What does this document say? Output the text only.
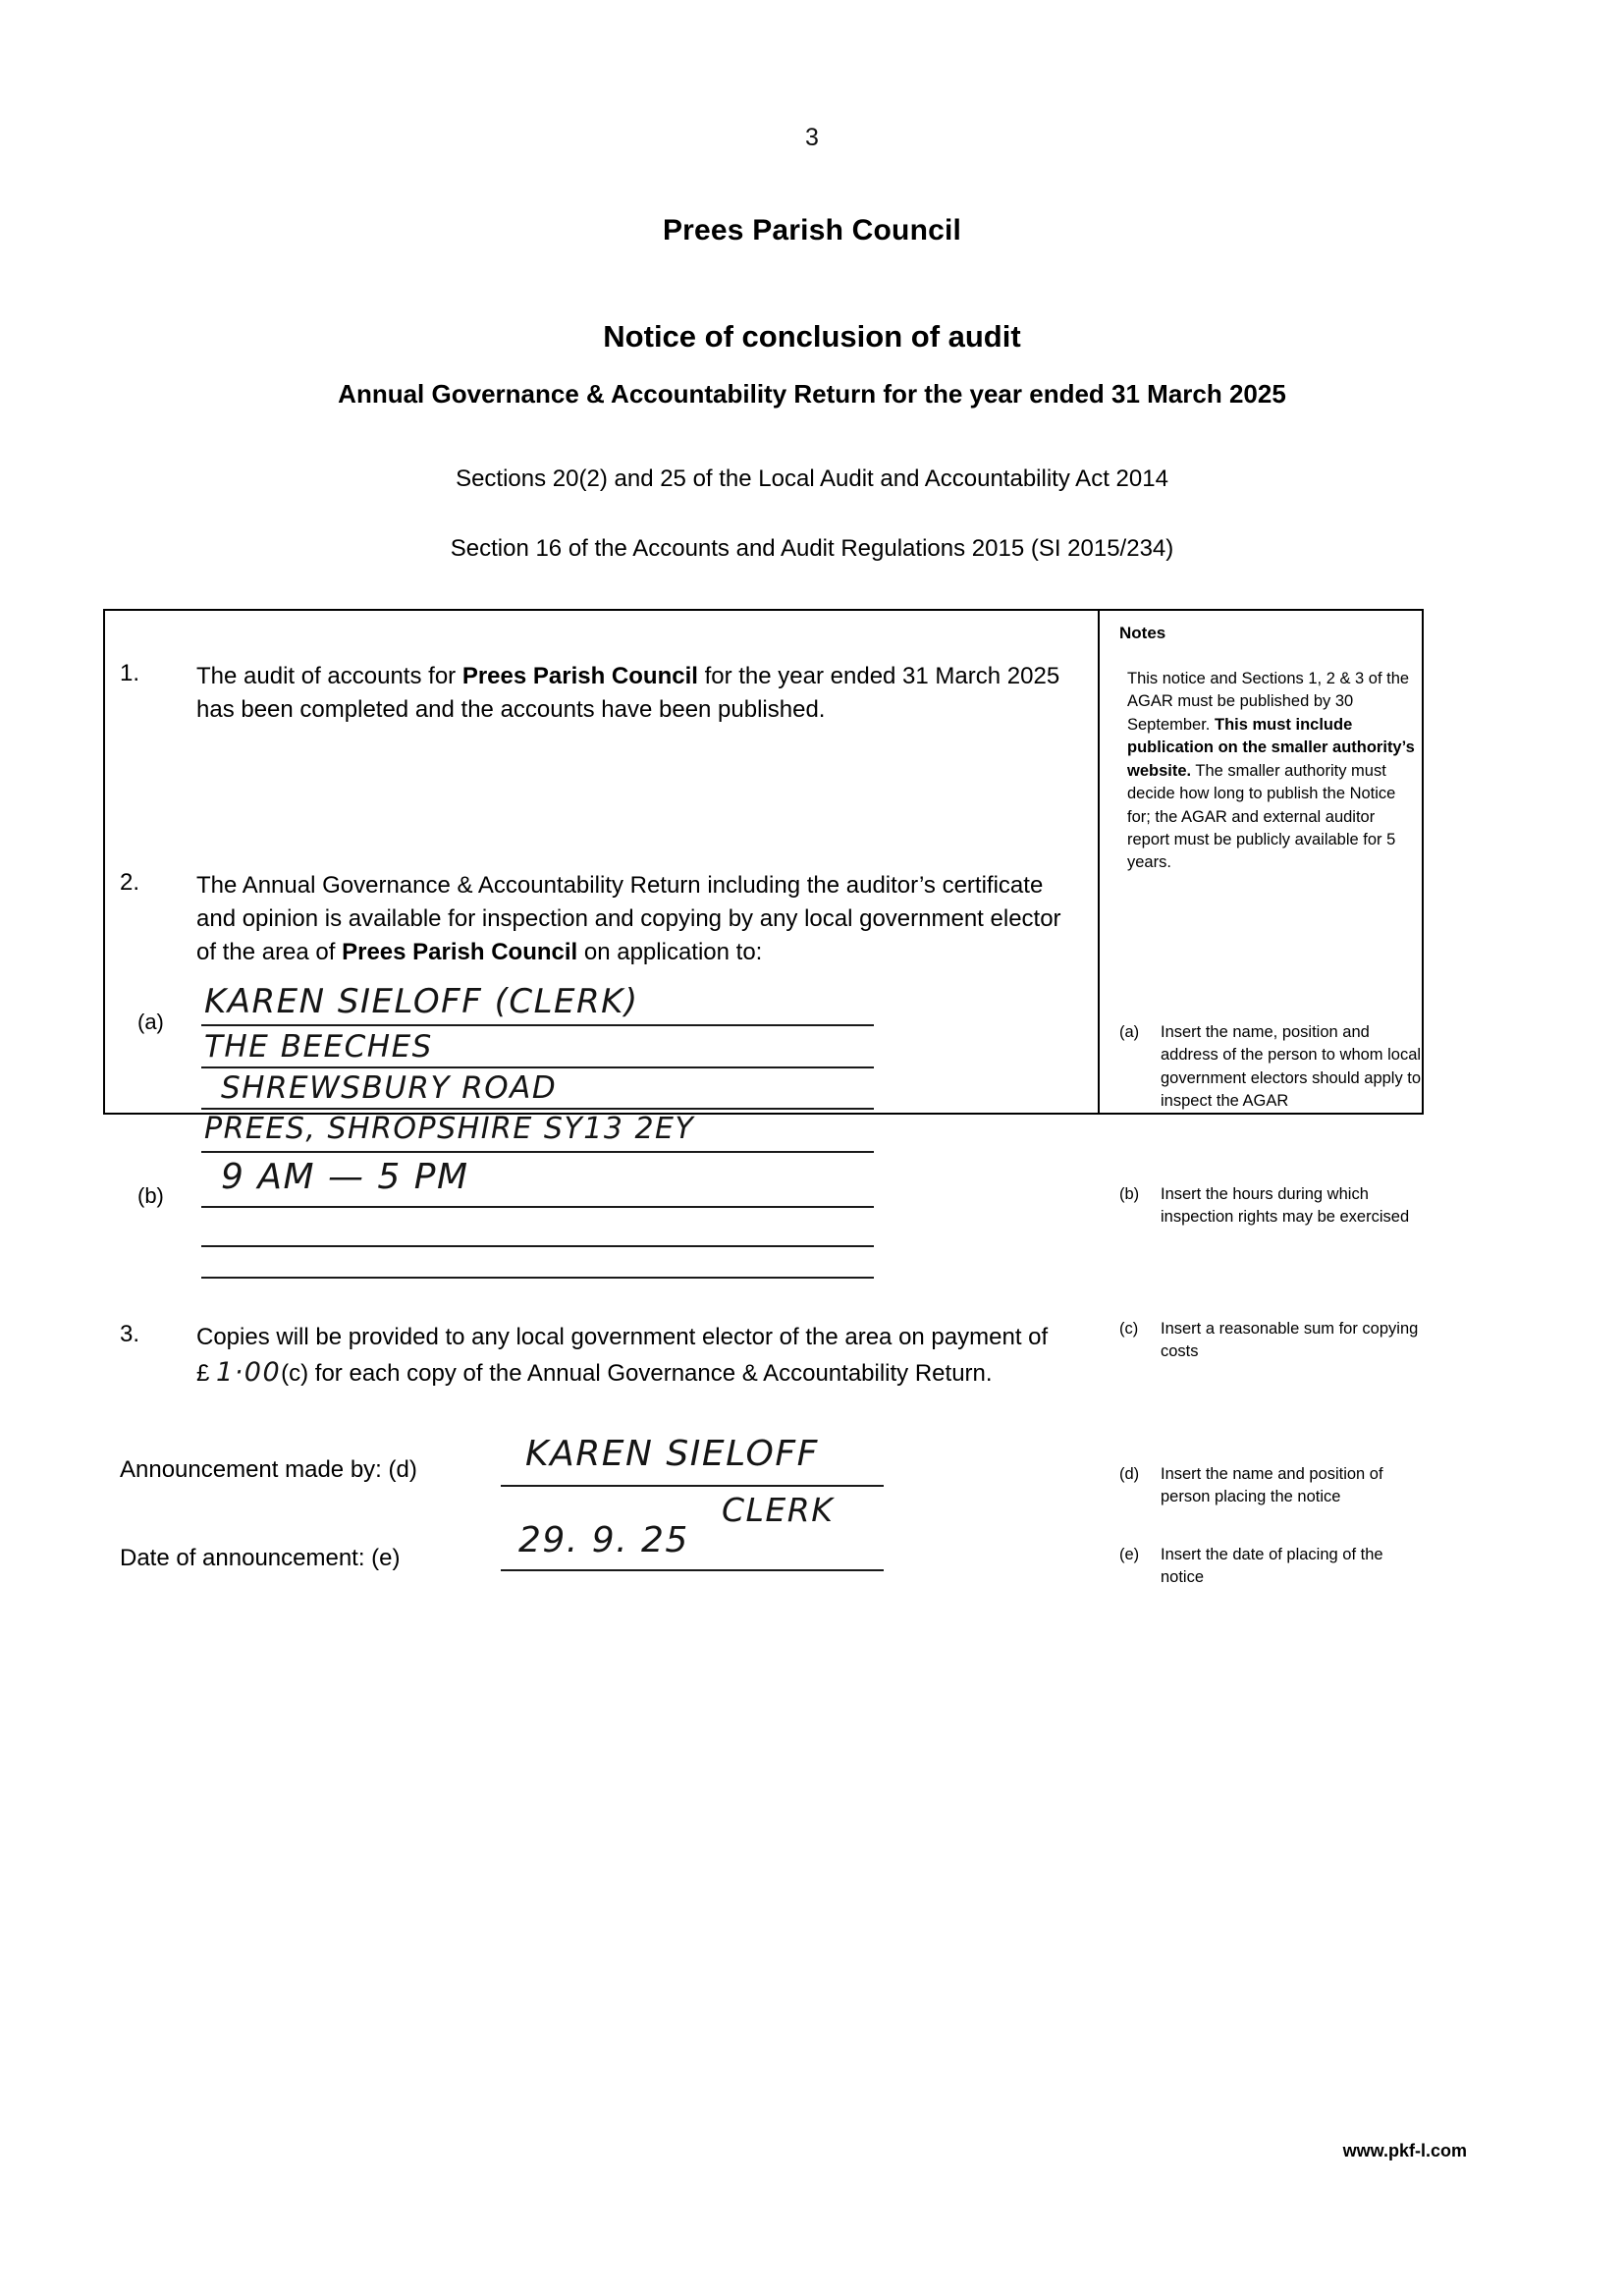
3
Prees Parish Council
Notice of conclusion of audit
Annual Governance & Accountability Return for the year ended 31 March 2025
Sections 20(2) and 25 of the Local Audit and Accountability Act 2014
Section 16 of the Accounts and Audit Regulations 2015 (SI 2015/234)
1. The audit of accounts for Prees Parish Council for the year ended 31 March 2025 has been completed and the accounts have been published.
2. The Annual Governance & Accountability Return including the auditor’s certificate and opinion is available for inspection and copying by any local government elector of the area of Prees Parish Council on application to:
(a)
KAREN SIELOFF (CLERK)
THE BEECHES
SHREWSBURY ROAD
PREES, SHROPSHIRE SY13 2EY
(b) 9 AM — 5 PM
3. Copies will be provided to any local government elector of the area on payment of £ 1·00(c) for each copy of the Annual Governance & Accountability Return.
Announcement made by: (d)	KAREN SIELOFF
CLERK
Date of announcement: (e)	29. 9. 25
Notes
This notice and Sections 1, 2 & 3 of the AGAR must be published by 30 September. This must include publication on the smaller authority’s website. The smaller authority must decide how long to publish the Notice for; the AGAR and external auditor report must be publicly available for 5 years.
(a) Insert the name, position and address of the person to whom local government electors should apply to inspect the AGAR
(b) Insert the hours during which inspection rights may be exercised
(c) Insert a reasonable sum for copying costs
(d) Insert the name and position of person placing the notice
(e) Insert the date of placing of the notice
www.pkf-l.com
